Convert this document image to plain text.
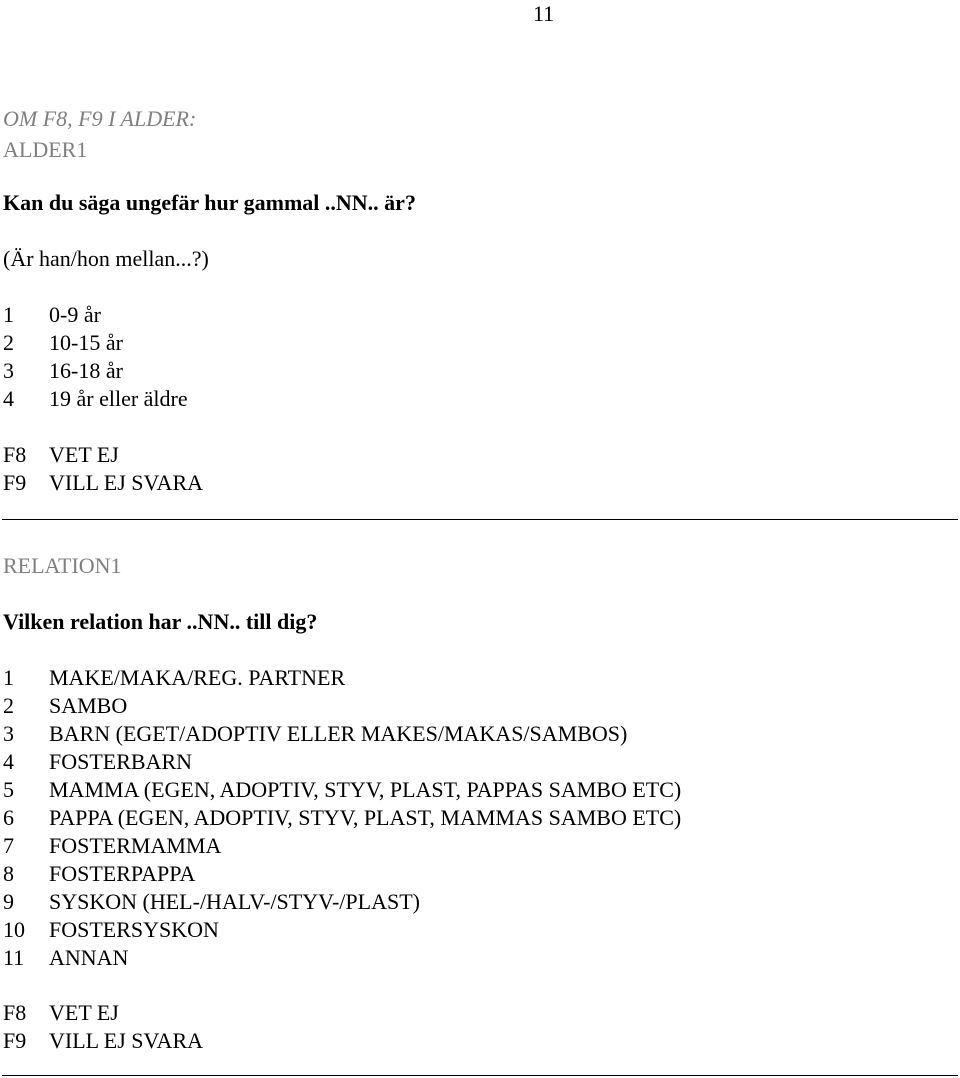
11
OM F8, F9 I ALDER:
ALDER1
Kan du säga ungefär hur gammal ..NN.. är?
(Är han/hon mellan...?)
1 0-9 år
2 10-15 år
3 16-18 år
4 19 år eller äldre
F8 VET EJ
F9 VILL EJ SVARA
RELATION1
Vilken relation har ..NN.. till dig?
1 MAKE/MAKA/REG. PARTNER
2 SAMBO
3 BARN (EGET/ADOPTIV ELLER MAKES/MAKAS/SAMBOS)
4 FOSTERBARN
5 MAMMA (EGEN, ADOPTIV, STYV, PLAST, PAPPAS SAMBO ETC)
6 PAPPA (EGEN, ADOPTIV, STYV, PLAST, MAMMAS SAMBO ETC)
7 FOSTERMAMMA
8 FOSTERPAPPA
9 SYSKON (HEL-/HALV-/STYV-/PLAST)
10 FOSTERSYSKON
11 ANNAN
F8 VET EJ
F9 VILL EJ SVARA
